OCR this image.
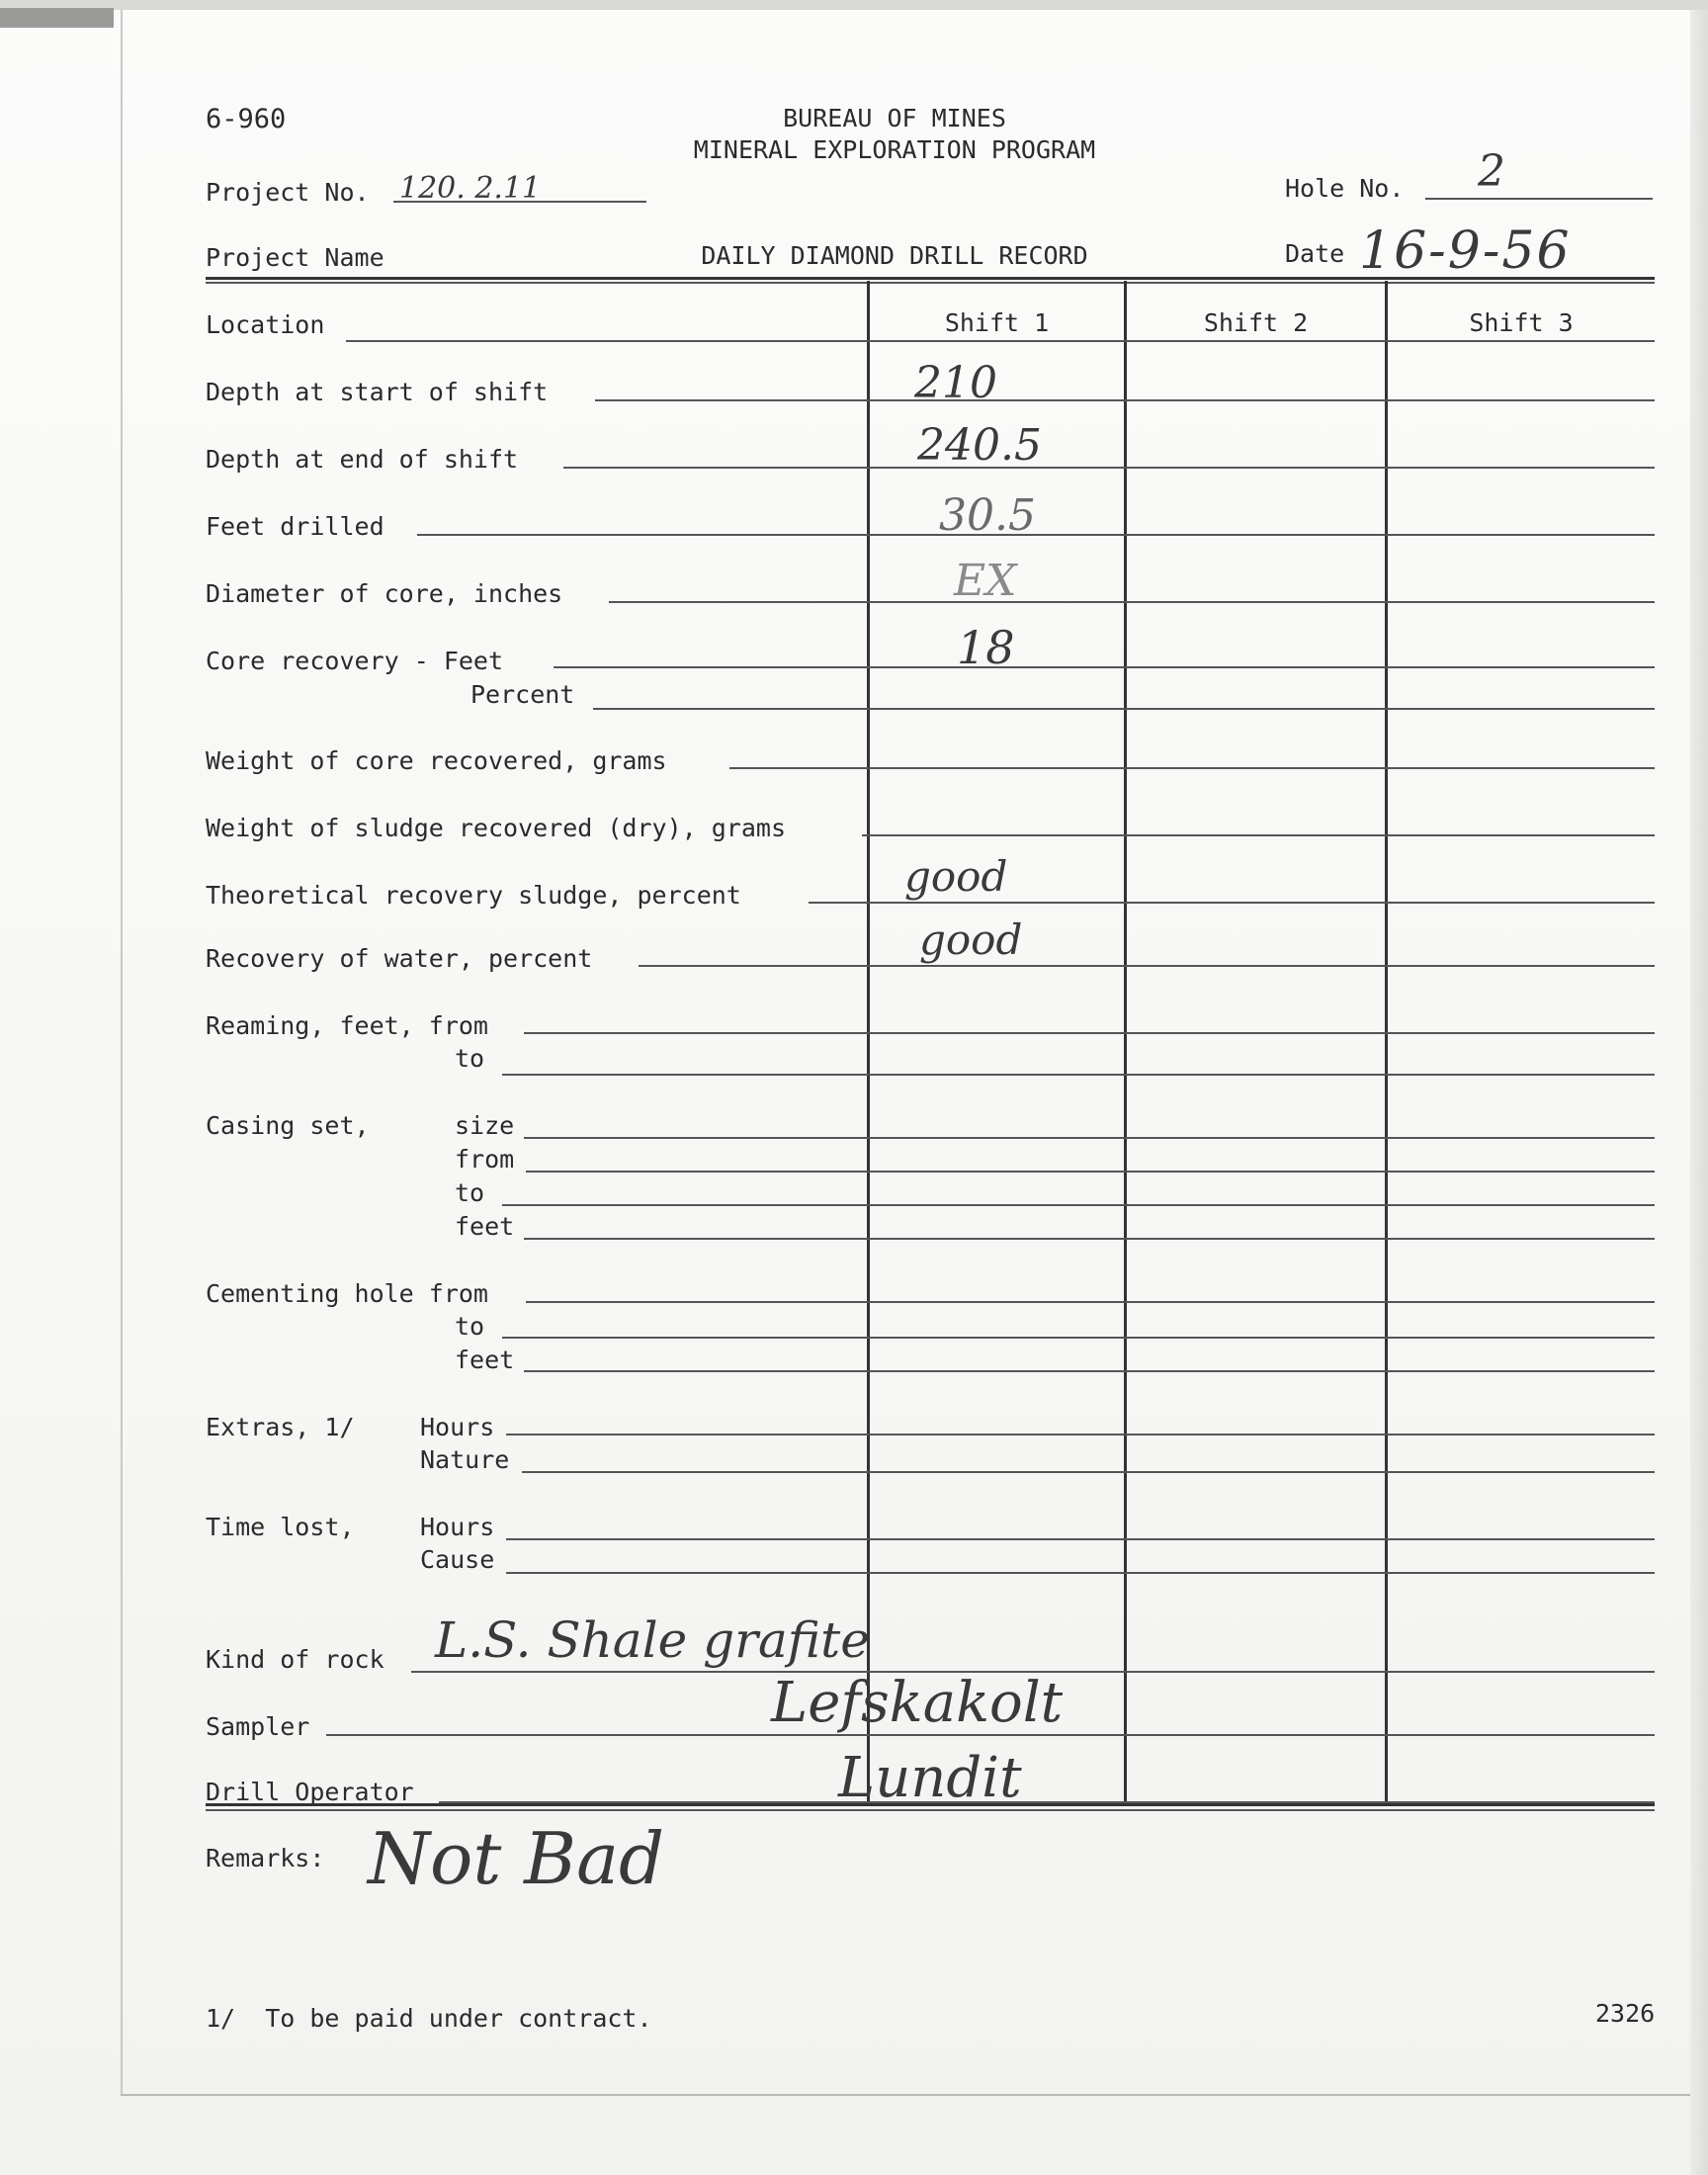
6-960	BUREAU OF MINES
MINERAL EXPLORATION PROGRAM
Project No. 120. 2.11	Hole No. 2
Project Name	DAILY DIAMOND DRILL RECORD	Date 16-9-56
Shift 1	Shift 2	Shift 3
Location
Depth at start of shift	210
Depth at end of shift	240.5
Feet drilled	30.5
Diameter of core, inches	EX
Core recovery - Feet	18
Percent
Weight of core recovered, grams
Weight of sludge recovered (dry), grams
Theoretical recovery sludge, percent	good
Recovery of water, percent	good
Reaming, feet, from
to
Casing set,	size
from
to
feet
Cementing hole from
to
feet
Extras, 1/	Hours
Nature
Time lost,	Hours
Cause
Kind of rock L.S. Shale grafite
Sampler	Lefskakolt
Drill Operator	Lundit
Remarks: Not Bad
1/  To be paid under contract.	2326
